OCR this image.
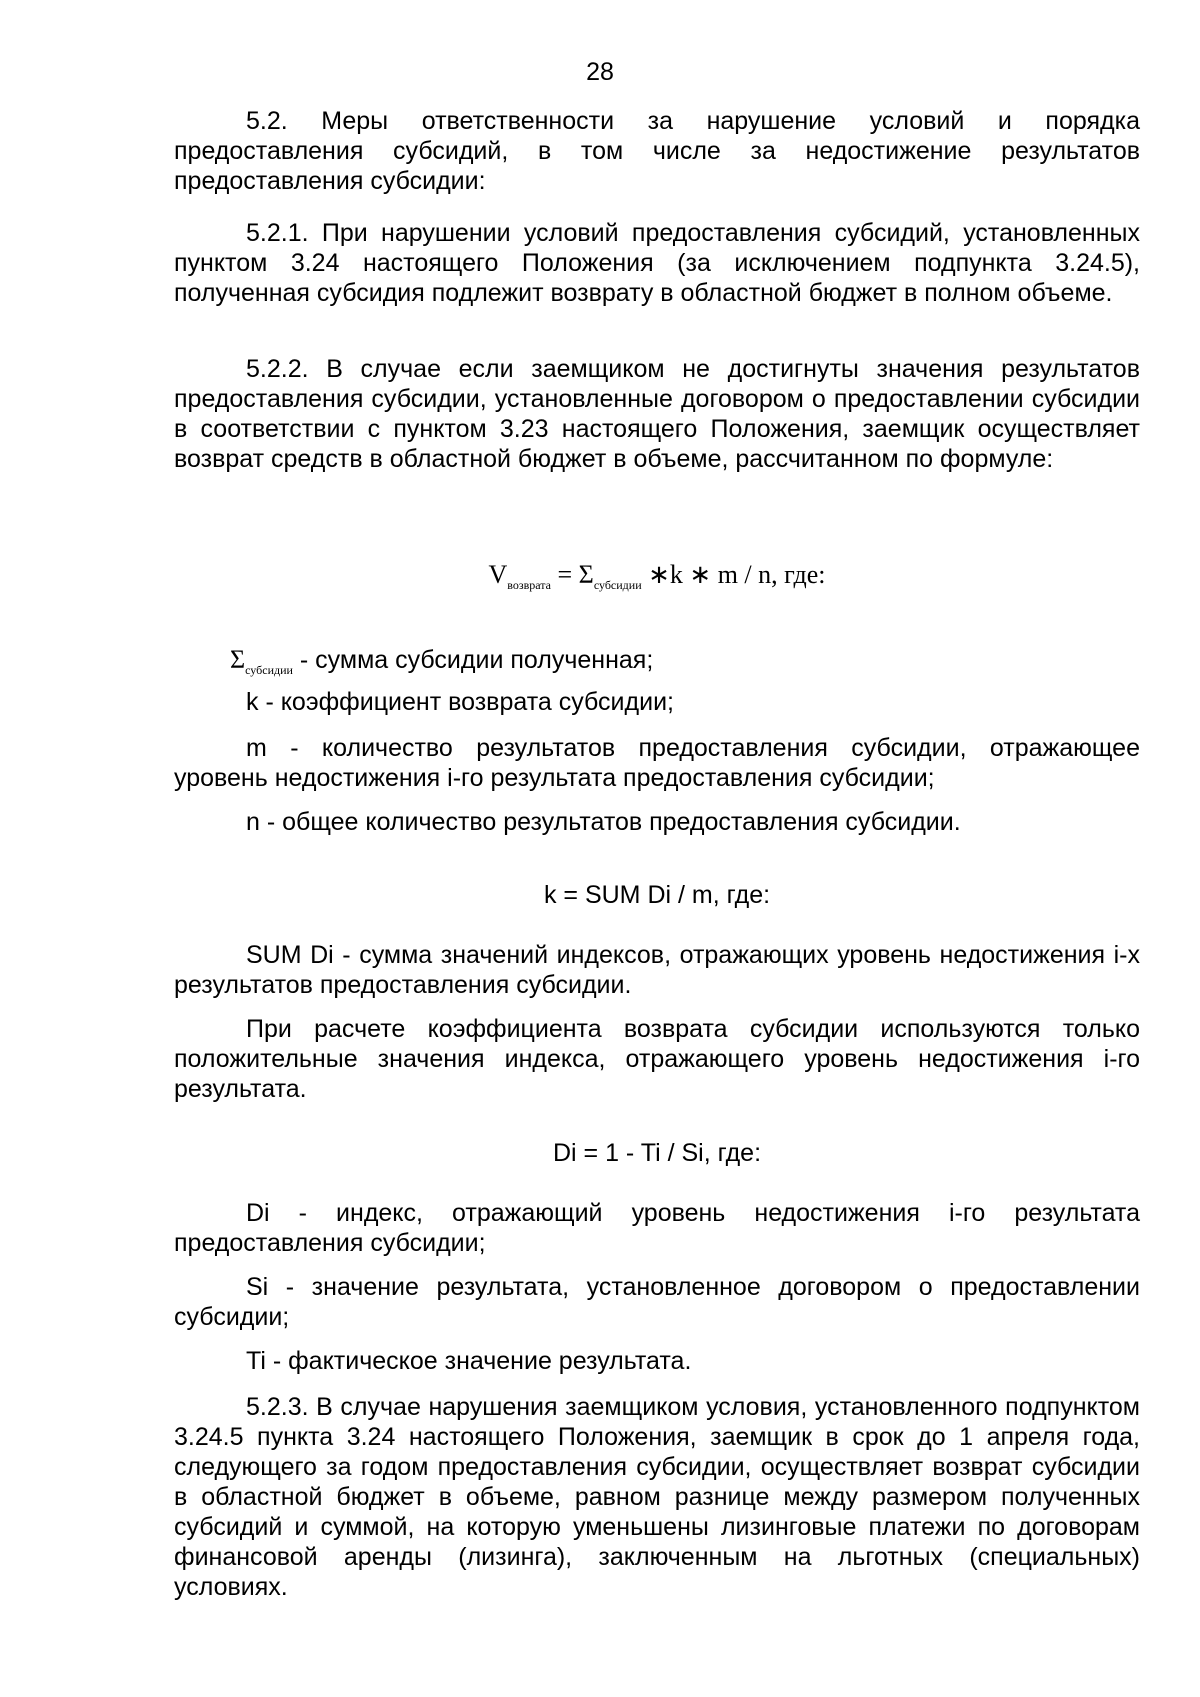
28

5.2. Меры ответственности за нарушение условий и порядка предоставления субсидий, в том числе за недостижение результатов предоставления субсидии:

5.2.1. При нарушении условий предоставления субсидий, установленных пунктом 3.24 настоящего Положения (за исключением подпункта 3.24.5), полученная субсидия подлежит возврату в областной бюджет в полном объеме.

5.2.2. В случае если заемщиком не достигнуты значения результатов предоставления субсидии, установленные договором о предоставлении субсидии в соответствии с пунктом 3.23 настоящего Положения, заемщик осуществляет возврат средств в областной бюджет в объеме, рассчитанном по формуле:

$V_{возврата} = \Sigma_{субсидии}$ ∗k ∗ m / n, где:
$\Sigma_{субсидии}$ - сумма субсидии полученная;

k - коэффициент возврата субсидии;

m - количество результатов предоставления субсидии, отражающее уровень недостижения i-го результата предоставления субсидии;

n - общее количество результатов предоставления субсидии.

k = SUM Di / m, где:

SUM Di - сумма значений индексов, отражающих уровень недостижения i-х результатов предоставления субсидии.

При расчете коэффициента возврата субсидии используются только положительные значения индекса, отражающего уровень недостижения i-го результата.

Di = 1 - Ti / Si, где:

Di - индекс, отражающий уровень недостижения i-го результата предоставления субсидии;

Si - значение результата, установленное договором о предоставлении субсидии;

Ti - фактическое значение результата.

5.2.3. В случае нарушения заемщиком условия, установленного подпунктом 3.24.5 пункта 3.24 настоящего Положения, заемщик в срок до 1 апреля года, следующего за годом предоставления субсидии, осуществляет возврат субсидии в областной бюджет в объеме, равном разнице между размером полученных субсидий и суммой, на которую уменьшены лизинговые платежи по договорам финансовой аренды (лизинга), заключенным на льготных (специальных) условиях.
